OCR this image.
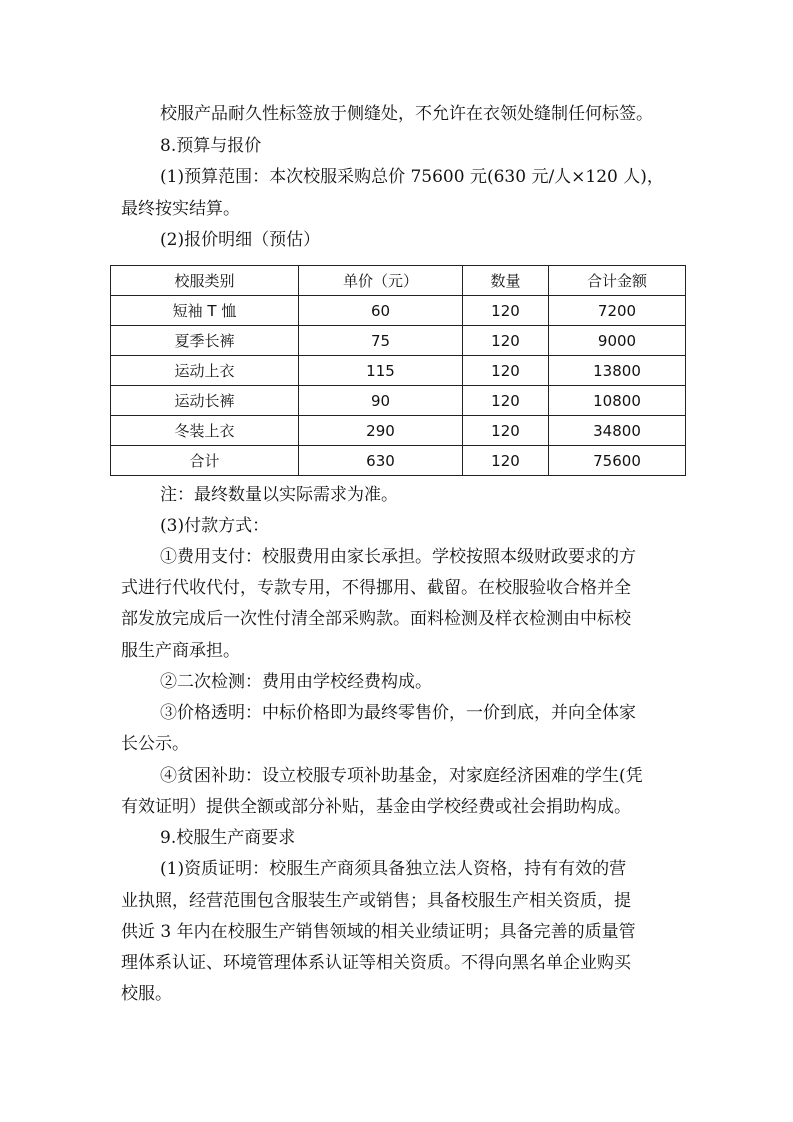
校服产品耐久性标签放于侧缝处，不允许在衣领处缝制任何标签。
8.预算与报价
(1)预算范围：本次校服采购总价 75600 元(630 元/人×120 人)，
最终按实结算。
(2)报价明细（预估）
校服类别	单价（元）	数量	合计金额
短袖 T 恤	60	120	7200
夏季长裤	75	120	9000
运动上衣	115	120	13800
运动长裤	90	120	10800
冬装上衣	290	120	34800
合计	630	120	75600
注：最终数量以实际需求为准。
(3)付款方式：
①费用支付：校服费用由家长承担。学校按照本级财政要求的方
式进行代收代付，专款专用，不得挪用、截留。在校服验收合格并全
部发放完成后一次性付清全部采购款。面料检测及样衣检测由中标校
服生产商承担。
②二次检测：费用由学校经费构成。
③价格透明：中标价格即为最终零售价，一价到底，并向全体家
长公示。
④贫困补助：设立校服专项补助基金，对家庭经济困难的学生(凭
有效证明）提供全额或部分补贴，基金由学校经费或社会捐助构成。
9.校服生产商要求
(1)资质证明：校服生产商须具备独立法人资格，持有有效的营
业执照，经营范围包含服装生产或销售；具备校服生产相关资质，提
供近 3 年内在校服生产销售领域的相关业绩证明；具备完善的质量管
理体系认证、环境管理体系认证等相关资质。不得向黑名单企业购买
校服。
